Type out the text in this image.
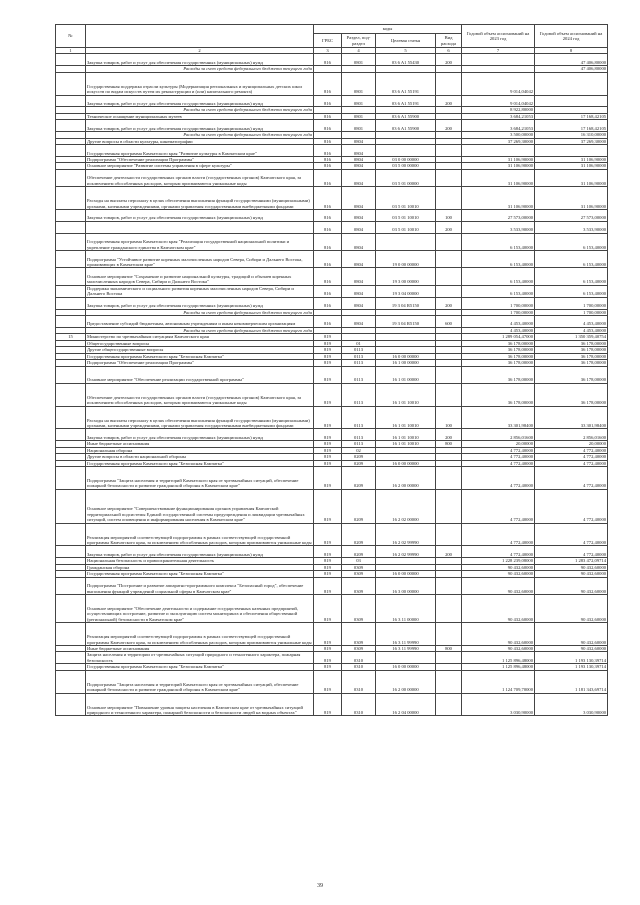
№		коды				Годовой объем ассигнований на 2023 год	Годовой объем ассигнований на 2024 год
		ГРБС	Раздел, под-раздел	Целевая статья	Вид расхода		
1	2	3	4	5	6	7	8
	Закупка товаров, работ и услуг для обеспечения государственных (муниципальных) нужд	816	0801	03 6 A1 55430	200		47 406,80000
	Расходы за счет средств федерального бюджета текущего года						47 406,80000
	Государственная поддержка отрасли культуры (Модернизация региональных и муниципальных детских школ искусств по видам искусств путем их реконструкции и (или) капитального ремонта)	816	0801	03 6 A1 55191		9 014,04042	
	Закупка товаров, работ и услуг для обеспечения государственных (муниципальных) нужд	816	0801	03 6 A1 55191	200	9 014,04042	
	Расходы за счет средств федерального бюджета текущего года					8 922,80000	
	Техническое оснащение муниципальных музеев	816	0801	03 6 A1 55900		3 684,21053	17 168,42105
	Закупка товаров, работ и услуг для обеспечения государственных (муниципальных) нужд	816	0801	03 6 A1 55900	200	3 684,21053	17 168,42105
	Расходы за счет средств федерального бюджета текущего года					3 500,00000	16 310,00000
	Другие вопросы в области культуры, кинематографии	816	0804			37 269,30000	37 269,30000
	Государственная программа Камчатского края "Развитие культуры в Камчатском крае"	816	0804				
	Подпрограмма "Обеспечение реализации Программы"	816	0804	03 0 00 00000		31 106,90000	31 106,90000
	Основное мероприятие "Развитие системы управления в сфере культуры"	816	0804	03 5 00 00000		31 106,90000	31 106,90000
	Обеспечение деятельности государственных органов власти (государственных органов) Камчатского края, за исключением обособленных расходов, которым присваиваются уникальные коды	816	0804	03 5 01 00000		31 106,90000	31 106,90000
	Расходы на выплаты персоналу в целях обеспечения выполнения функций государственными (муниципальными) органами, казенными учреждениями, органами управления государственными внебюджетными фондами	816	0804	03 5 01 10010		31 106,90000	31 106,90000
	Закупка товаров, работ и услуг для обеспечения государственных (муниципальных) нужд	816	0804	03 5 01 10010	100	27 573,00000	27 573,00000
		816	0804	03 5 01 10010	200	3 533,90000	3 533,90000
	Государственная программа Камчатского края "Реализация государственной национальной политики и укрепление гражданского единства в Камчатском крае"	816	0804			6 153,40000	6 153,40000
	Подпрограмма "Устойчивое развитие коренных малочисленных народов Севера, Сибири и Дальнего Востока, проживающих в Камчатском крае"	816	0804	19 0 00 00000		6 153,40000	6 153,40000
	Основное мероприятие "Сохранение и развитие национальной культуры, традиций и обычаев коренных малочисленных народов Севера, Сибири и Дальнего Востока"	816	0804	19 3 00 00000		6 153,40000	6 153,40000
	Поддержка экономического и социального развития коренных малочисленных народов Севера, Сибири и Дальнего Востока	816	0804	19 3 04 00000		6 153,40000	6 153,40000
	Закупка товаров, работ и услуг для обеспечения государственных (муниципальных) нужд	816	0804	19 3 04 R5150	200	1 700,00000	1 700,00000
	Расходы за счет средств федерального бюджета текущего года					1 700,00000	1 700,00000
	Предоставление субсидий бюджетным, автономным учреждениям и иным некоммерческим организациям	816	0804	19 3 04 R5150	600	4 453,40000	4 453,40000
	Расходы за счет средств федерального бюджета текущего года					4 453,40000	4 453,40000
15	Министерство по чрезвычайным ситуациям Камчатского края	819				1 289 054,47000	1 350 359,40754
	Общегосударственные вопросы	819	01			36 178,00000	36 178,00000
	Другие общегосударственные вопросы	819	0113			36 178,00000	36 178,00000
	Государственная программа Камчатского края "Безопасная Камчатка"	819	0113	16 0 00 00000		36 178,00000	36 178,00000
	Подпрограмма "Обеспечение реализации Программы"	819	0113	16 1 00 00000		36 178,00000	36 178,00000
	Основное мероприятие "Обеспечение реализации государственной программы"	819	0113	16 1 01 00000		36 178,00000	36 178,00000
	Обеспечение деятельности государственных органов власти (государственных органов) Камчатского края, за исключением обособленных расходов, которым присваиваются уникальные коды	819	0113	16 1 01 10010		36 178,00000	36 178,00000
	Расходы на выплаты персоналу в целях обеспечения выполнения функций государственными (муниципальными) органами, казенными учреждениями, органами управления государственными внебюджетными фондами	819	0113	16 1 01 10010	100	33 301,98400	33 301,98400
	Закупка товаров, работ и услуг для обеспечения государственных (муниципальных) нужд	819	0113	16 1 01 10010	200	2 856,01600	2 856,01600
	Иные бюджетные ассигнования	819	0113	16 1 01 10010	800	20,00000	20,00000
	Национальная оборона	819	02			4 772,40000	4 772,40000
	Другие вопросы в области национальной обороны	819	0209			4 772,40000	4 772,40000
	Государственная программа Камчатского края "Безопасная Камчатка"	819	0209	16 0 00 00000		4 772,40000	4 772,40000
	Подпрограмма "Защита населения и территорий Камчатского края от чрезвычайных ситуаций, обеспечение пожарной безопасности и развитие гражданской обороны в Камчатском крае"	819	0209	16 2 00 00000		4 772,40000	4 772,40000
	Основное мероприятие "Совершенствование функционирования органов управления Камчатской территориальной подсистемы Единой государственной системы предупреждения и ликвидации чрезвычайных ситуаций, систем оповещения и информирования населения в Камчатском крае"	819	0209	16 2 02 00000		4 772,40000	4 772,40000
	Реализация мероприятий соответствующей подпрограммы в рамках соответствующей государственной программы Камчатского края, за исключением обособленных расходов, которым присваиваются уникальные коды	819	0209	16 2 02 99990		4 772,40000	4 772,40000
	Закупка товаров, работ и услуг для обеспечения государственных (муниципальных) нужд	819	0209	16 2 02 99990	200	4 772,40000	4 772,40000
	Национальная безопасность и правоохранительная деятельность	819	03			1 228 239,08000	1 283 472,09714
	Гражданская оборона	819	0309			90 432,60000	90 432,60000
	Государственная программа Камчатского края "Безопасная Камчатка"	819	0309	16 0 00 00000		90 432,60000	90 432,60000
	Подпрограмма "Построение и развитие аппаратно-программного комплекса "Безопасный город", обеспечение выполнения функций учреждений социальной сферы в Камчатском крае"	819	0309	16 3 00 00000		90 432,60000	90 432,60000
	Основное мероприятие "Обеспечение деятельности и содержание государственных казенных предприятий, осуществляющих построение, развитие и эксплуатацию систем мониторинга и обеспечения общественной (региональной) безопасности в Камчатском крае"	819	0309	16 3 11 00000		90 432,60000	90 432,60000
	Реализация мероприятий соответствующей подпрограммы в рамках соответствующей государственной программы Камчатского края, за исключением обособленных расходов, которым присваиваются уникальные коды	819	0309	16 3 11 99990		90 432,60000	90 432,60000
	Иные бюджетные ассигнования	819	0309	16 3 11 99990	800	90 432,60000	90 432,60000
	Защита населения и территории от чрезвычайных ситуаций природного и техногенного характера, пожарная безопасность	819	0310			1 125 896,48000	1 193 130,39714
	Государственная программа Камчатского края "Безопасная Камчатка"	819	0310	16 0 00 00000		1 125 896,48000	1 193 130,39714
	Подпрограмма "Защита населения и территорий Камчатского края от чрезвычайных ситуаций, обеспечение пожарной безопасности и развитие гражданской обороны в Камчатском крае"	819	0310	16 2 00 00000		1 124 709,70000	1 181 343,69714
	Основное мероприятие "Повышение уровня защиты населения в Камчатском крае от чрезвычайных ситуаций природного и техногенного характера, пожарной безопасности и безопасности людей на водных объектах"	819	0310	16 2 04 00000		3 030,90000	3 030,90000
39
